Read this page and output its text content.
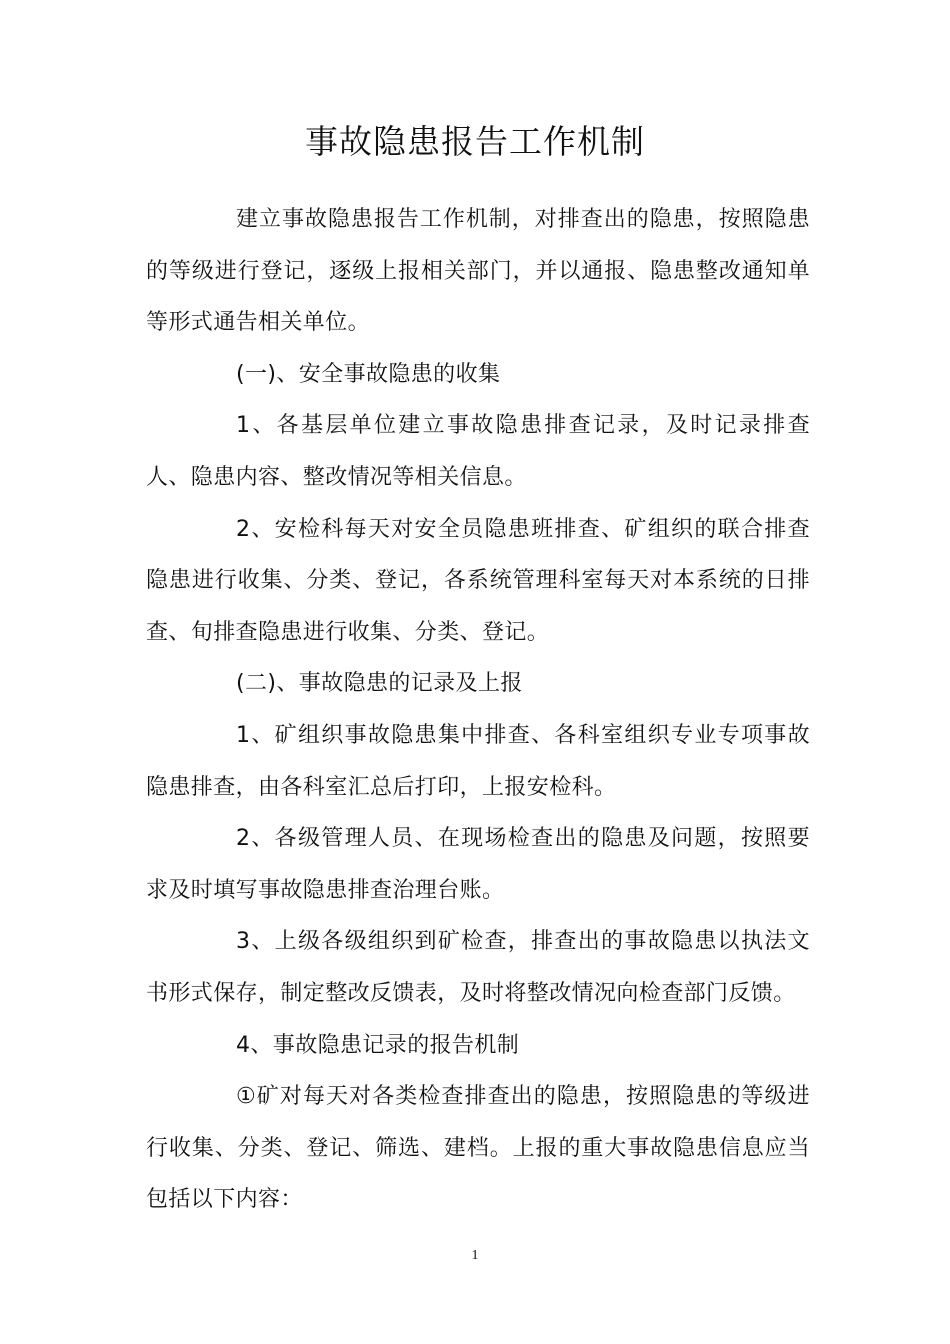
事故隐患报告工作机制

建立事故隐患报告工作机制，对排查出的隐患，按照隐患的等级进行登记，逐级上报相关部门，并以通报、隐患整改通知单等形式通告相关单位。

(一)、安全事故隐患的收集

1、各基层单位建立事故隐患排查记录，及时记录排查人、隐患内容、整改情况等相关信息。

2、安检科每天对安全员隐患班排查、矿组织的联合排查隐患进行收集、分类、登记，各系统管理科室每天对本系统的日排查、旬排查隐患进行收集、分类、登记。

(二)、事故隐患的记录及上报

1、矿组织事故隐患集中排查、各科室组织专业专项事故隐患排查，由各科室汇总后打印，上报安检科。

2、各级管理人员、在现场检查出的隐患及问题，按照要求及时填写事故隐患排查治理台账。

3、上级各级组织到矿检查，排查出的事故隐患以执法文书形式保存，制定整改反馈表，及时将整改情况向检查部门反馈。

4、事故隐患记录的报告机制

①矿对每天对各类检查排查出的隐患，按照隐患的等级进行收集、分类、登记、筛选、建档。上报的重大事故隐患信息应当包括以下内容：

1
